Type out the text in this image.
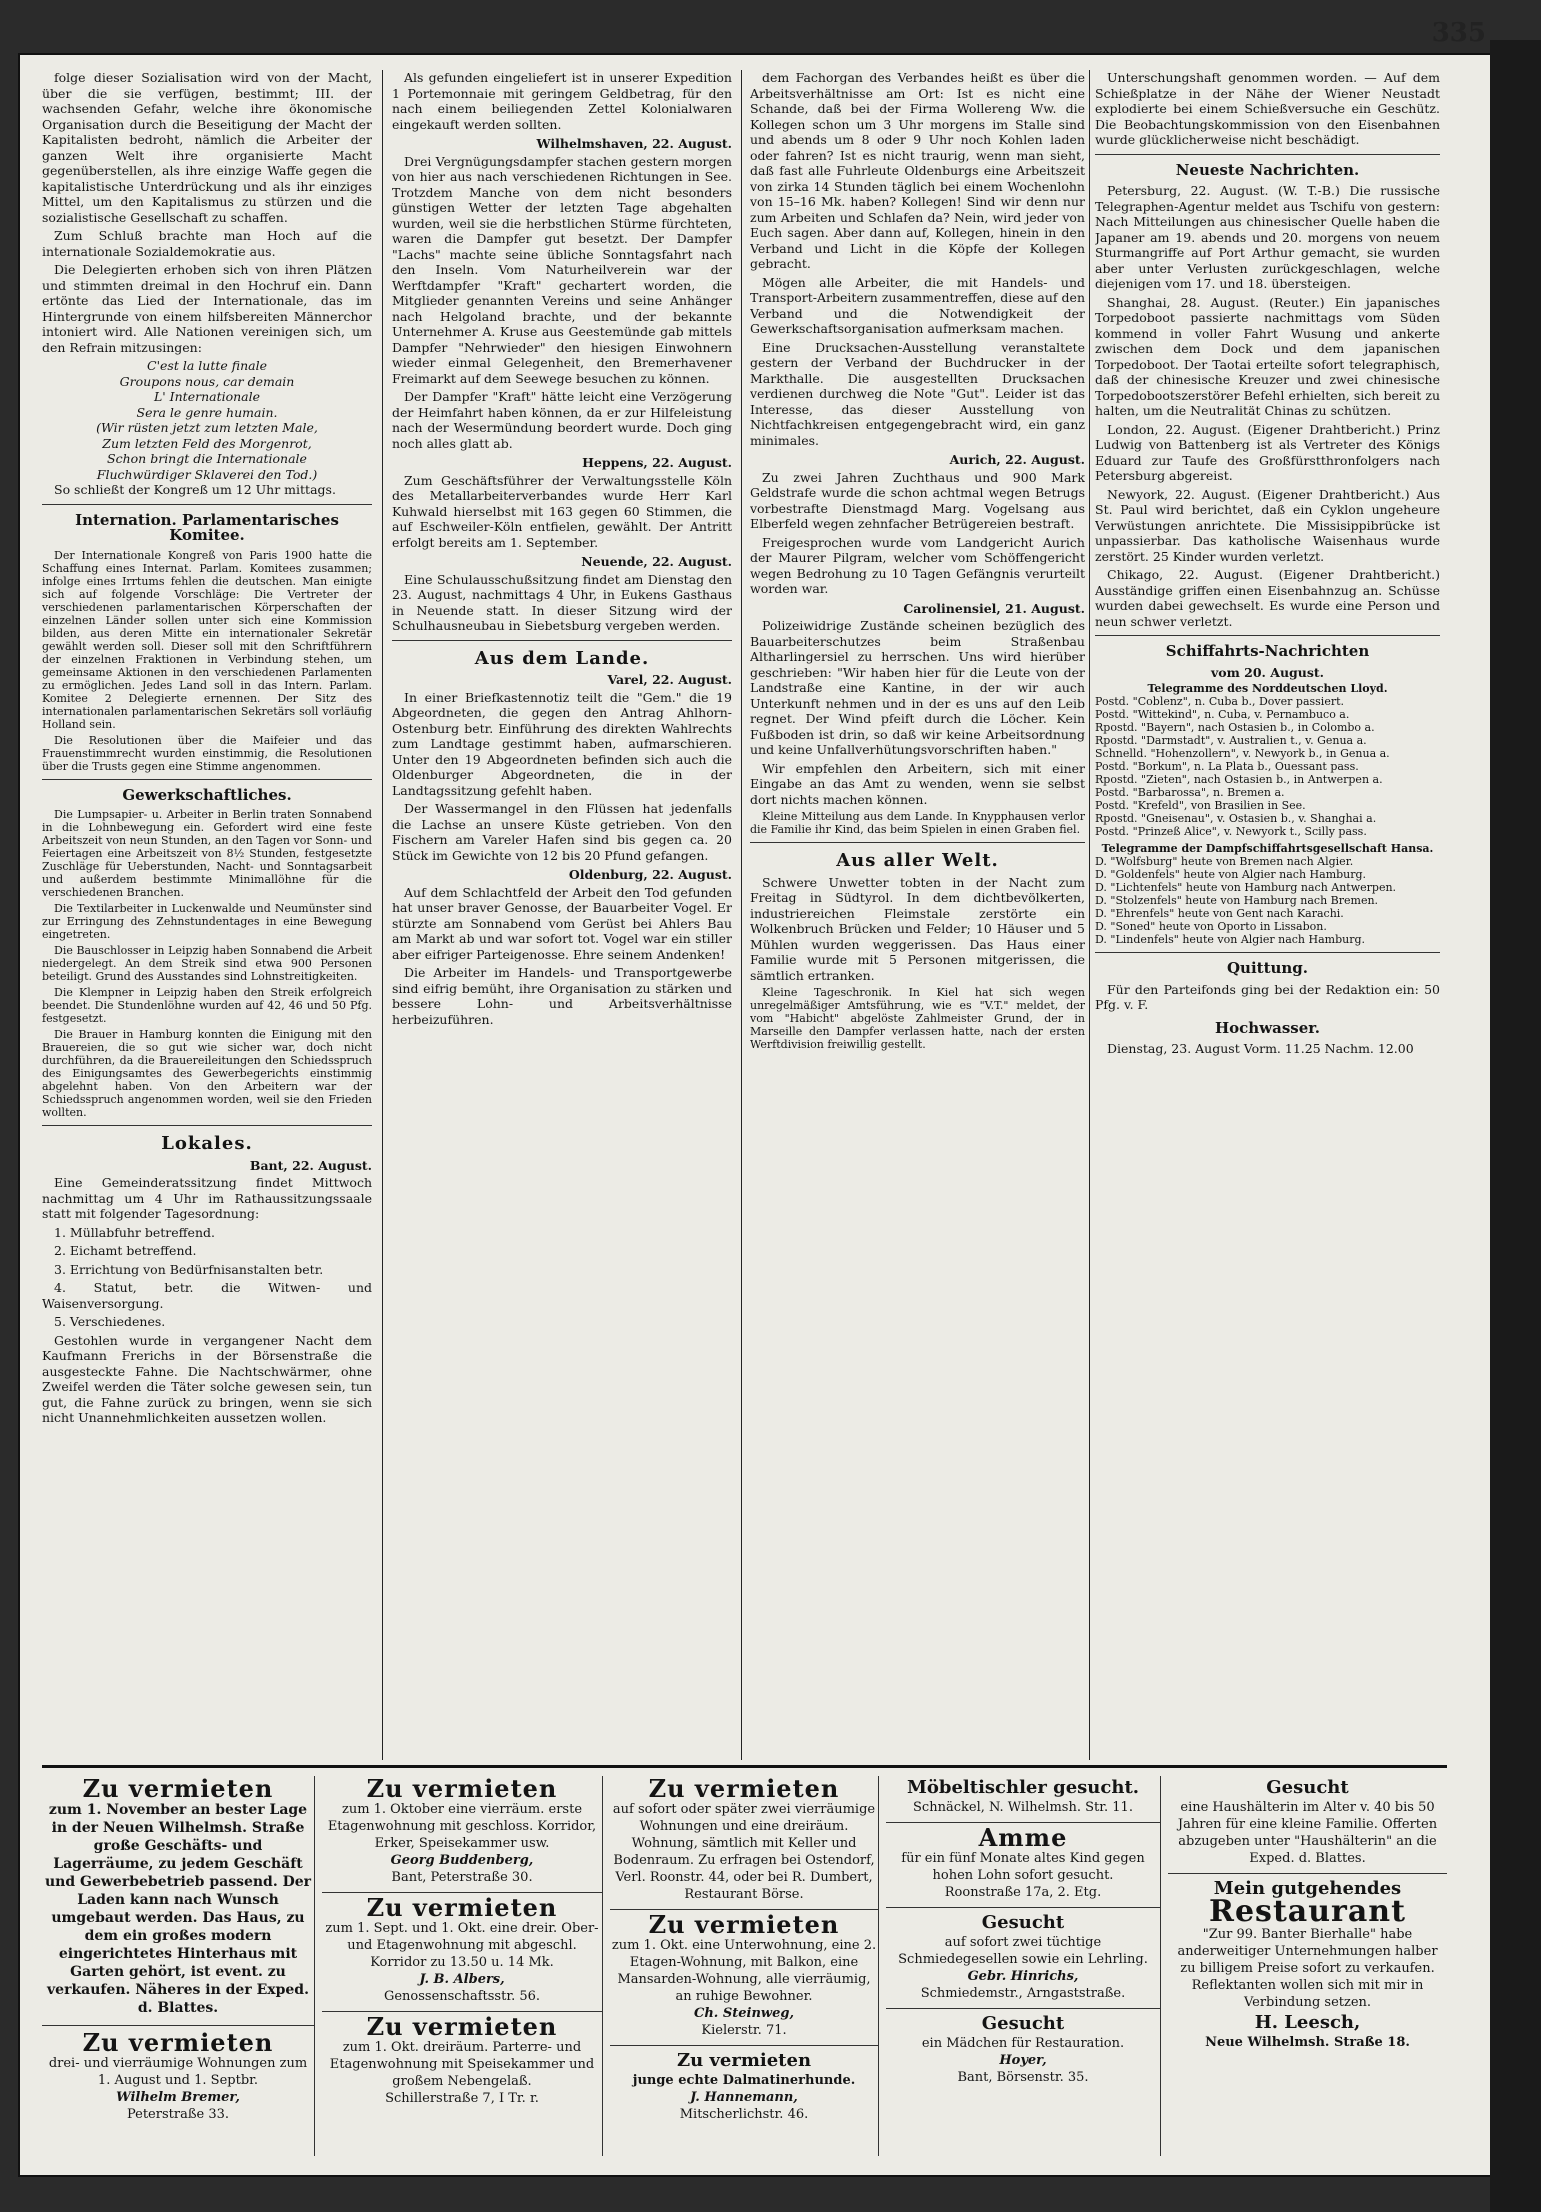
335

folge dieser Sozialisation wird von der Macht, über die sie verfügen, bestimmt; III. der wachsenden Gefahr, welche ihre ökonomische Organisation durch die Beseitigung der Macht der Kapitalisten bedroht, nämlich die Arbeiter der ganzen Welt ihre organisierte Macht gegenüberstellen, als ihre einzige Waffe gegen die kapitalistische Unterdrückung und als ihr einziges Mittel, um den Kapitalismus zu stürzen und die sozialistische Gesellschaft zu schaffen.

Zum Schluß brachte man Hoch auf die internationale Sozialdemokratie aus.

Die Delegierten erhoben sich von ihren Plätzen und stimmten dreimal in den Hochruf ein. Dann ertönte das Lied der Internationale, das im Hintergrunde von einem hilfsbereiten Männerchor intoniert wird. Alle Nationen vereinigen sich, um den Refrain mitzusingen:

C'est la lutte finale

Groupons nous, car demain

L' Internationale

Sera le genre humain.

(Wir rüsten jetzt zum letzten Male,

Zum letzten Feld des Morgenrot,

Schon bringt die Internationale

Fluchwürdiger Sklaverei den Tod.)

So schließt der Kongreß um 12 Uhr mittags.

Internation. Parlamentarisches Komitee.

Der Internationale Kongreß von Paris 1900 hatte die Schaffung eines Internat. Parlam. Komitees zusammen; infolge eines Irrtums fehlen die deutschen. Man einigte sich auf folgende Vorschläge: Die Vertreter der verschiedenen parlamentarischen Körperschaften der einzelnen Länder sollen unter sich eine Kommission bilden, aus deren Mitte ein internationaler Sekretär gewählt werden soll. Dieser soll mit den Schriftführern der einzelnen Fraktionen in Verbindung stehen, um gemeinsame Aktionen in den verschiedenen Parlamenten zu ermöglichen. Jedes Land soll in das Intern. Parlam. Komitee 2 Delegierte ernennen. Der Sitz des internationalen parlamentarischen Sekretärs soll vorläufig Holland sein.

Die Resolutionen über die Maifeier und das Frauenstimmrecht wurden einstimmig, die Resolutionen über die Trusts gegen eine Stimme angenommen.

Gewerkschaftliches.

Die Lumpsapier- u. Arbeiter in Berlin traten Sonnabend in die Lohnbewegung ein. Gefordert wird eine feste Arbeitszeit von neun Stunden, an den Tagen vor Sonn- und Feiertagen eine Arbeitszeit von 8½ Stunden, festgesetzte Zuschläge für Ueberstunden, Nacht- und Sonntagsarbeit und außerdem bestimmte Minimallöhne für die verschiedenen Branchen.

Die Textilarbeiter in Luckenwalde und Neumünster sind zur Erringung des Zehnstundentages in eine Bewegung eingetreten.

Die Bauschlosser in Leipzig haben Sonnabend die Arbeit niedergelegt. An dem Streik sind etwa 900 Personen beteiligt. Grund des Ausstandes sind Lohnstreitigkeiten.

Die Klempner in Leipzig haben den Streik erfolgreich beendet. Die Stundenlöhne wurden auf 42, 46 und 50 Pfg. festgesetzt.

Die Brauer in Hamburg konnten die Einigung mit den Brauereien, die so gut wie sicher war, doch nicht durchführen, da die Brauereileitungen den Schiedsspruch des Einigungsamtes des Gewerbegerichts einstimmig abgelehnt haben. Von den Arbeitern war der Schiedsspruch angenommen worden, weil sie den Frieden wollten.

Lokales.
Bant, 22. August.

Eine Gemeinderatssitzung findet Mittwoch nachmittag um 4 Uhr im Rathaussitzungssaale statt mit folgender Tagesordnung:

1. Müllabfuhr betreffend.

2. Eichamt betreffend.

3. Errichtung von Bedürfnisanstalten betr.

4. Statut, betr. die Witwen- und Waisenversorgung.

5. Verschiedenes.

Gestohlen wurde in vergangener Nacht dem Kaufmann Frerichs in der Börsenstraße die ausgesteckte Fahne. Die Nachtschwärmer, ohne Zweifel werden die Täter solche gewesen sein, tun gut, die Fahne zurück zu bringen, wenn sie sich nicht Unannehmlichkeiten aussetzen wollen.

Als gefunden eingeliefert ist in unserer Expedition 1 Portemonnaie mit geringem Geldbetrag, für den nach einem beiliegenden Zettel Kolonialwaren eingekauft werden sollten.

Wilhelmshaven, 22. August.

Drei Vergnügungsdampfer stachen gestern morgen von hier aus nach verschiedenen Richtungen in See. Trotzdem Manche von dem nicht besonders günstigen Wetter der letzten Tage abgehalten wurden, weil sie die herbstlichen Stürme fürchteten, waren die Dampfer gut besetzt. Der Dampfer "Lachs" machte seine übliche Sonntagsfahrt nach den Inseln. Vom Naturheilverein war der Werftdampfer "Kraft" gechartert worden, die Mitglieder genannten Vereins und seine Anhänger nach Helgoland brachte, und der bekannte Unternehmer A. Kruse aus Geestemünde gab mittels Dampfer "Nehrwieder" den hiesigen Einwohnern wieder einmal Gelegenheit, den Bremerhavener Freimarkt auf dem Seewege besuchen zu können.

Der Dampfer "Kraft" hätte leicht eine Verzögerung der Heimfahrt haben können, da er zur Hilfeleistung nach der Wesermündung beordert wurde. Doch ging noch alles glatt ab.

Heppens, 22. August.

Zum Geschäftsführer der Verwaltungsstelle Köln des Metallarbeiterverbandes wurde Herr Karl Kuhwald hierselbst mit 163 gegen 60 Stimmen, die auf Eschweiler-Köln entfielen, gewählt. Der Antritt erfolgt bereits am 1. September.

Neuende, 22. August.

Eine Schulausschußsitzung findet am Dienstag den 23. August, nachmittags 4 Uhr, in Eukens Gasthaus in Neuende statt. In dieser Sitzung wird der Schulhausneubau in Siebetsburg vergeben werden.

Aus dem Lande.
Varel, 22. August.

In einer Briefkastennotiz teilt die "Gem." die 19 Abgeordneten, die gegen den Antrag Ahlhorn-Ostenburg betr. Einführung des direkten Wahlrechts zum Landtage gestimmt haben, aufmarschieren. Unter den 19 Abgeordneten befinden sich auch die Oldenburger Abgeordneten, die in der Landtagssitzung gefehlt haben.

Der Wassermangel in den Flüssen hat jedenfalls die Lachse an unsere Küste getrieben. Von den Fischern am Vareler Hafen sind bis gegen ca. 20 Stück im Gewichte von 12 bis 20 Pfund gefangen.

Oldenburg, 22. August.

Auf dem Schlachtfeld der Arbeit den Tod gefunden hat unser braver Genosse, der Bauarbeiter Vogel. Er stürzte am Sonnabend vom Gerüst bei Ahlers Bau am Markt ab und war sofort tot. Vogel war ein stiller aber eifriger Parteigenosse. Ehre seinem Andenken!

Die Arbeiter im Handels- und Transportgewerbe sind eifrig bemüht, ihre Organisation zu stärken und bessere Lohn- und Arbeitsverhältnisse herbeizuführen.

dem Fachorgan des Verbandes heißt es über die Arbeitsverhältnisse am Ort: Ist es nicht eine Schande, daß bei der Firma Wollereng Ww. die Kollegen schon um 3 Uhr morgens im Stalle sind und abends um 8 oder 9 Uhr noch Kohlen laden oder fahren? Ist es nicht traurig, wenn man sieht, daß fast alle Fuhrleute Oldenburgs eine Arbeitszeit von zirka 14 Stunden täglich bei einem Wochenlohn von 15–16 Mk. haben? Kollegen! Sind wir denn nur zum Arbeiten und Schlafen da? Nein, wird jeder von Euch sagen. Aber dann auf, Kollegen, hinein in den Verband und Licht in die Köpfe der Kollegen gebracht.

Mögen alle Arbeiter, die mit Handels- und Transport-Arbeitern zusammentreffen, diese auf den Verband und die Notwendigkeit der Gewerkschaftsorganisation aufmerksam machen.

Eine Drucksachen-Ausstellung veranstaltete gestern der Verband der Buchdrucker in der Markthalle. Die ausgestellten Drucksachen verdienen durchweg die Note "Gut". Leider ist das Interesse, das dieser Ausstellung von Nichtfachkreisen entgegengebracht wird, ein ganz minimales.

Aurich, 22. August.

Zu zwei Jahren Zuchthaus und 900 Mark Geldstrafe wurde die schon achtmal wegen Betrugs vorbestrafte Dienstmagd Marg. Vogelsang aus Elberfeld wegen zehnfacher Betrügereien bestraft.

Freigesprochen wurde vom Landgericht Aurich der Maurer Pilgram, welcher vom Schöffengericht wegen Bedrohung zu 10 Tagen Gefängnis verurteilt worden war.

Carolinensiel, 21. August.

Polizeiwidrige Zustände scheinen bezüglich des Bauarbeiterschutzes beim Straßenbau Altharlingersiel zu herrschen. Uns wird hierüber geschrieben: "Wir haben hier für die Leute von der Landstraße eine Kantine, in der wir auch Unterkunft nehmen und in der es uns auf den Leib regnet. Der Wind pfeift durch die Löcher. Kein Fußboden ist drin, so daß wir keine Arbeitsordnung und keine Unfallverhütungsvorschriften haben."

Wir empfehlen den Arbeitern, sich mit einer Eingabe an das Amt zu wenden, wenn sie selbst dort nichts machen können.

Kleine Mitteilung aus dem Lande. In Knypphausen verlor die Familie ihr Kind, das beim Spielen in einen Graben fiel.

Aus aller Welt.

Schwere Unwetter tobten in der Nacht zum Freitag in Südtyrol. In dem dichtbevölkerten, industriereichen Fleimstale zerstörte ein Wolkenbruch Brücken und Felder; 10 Häuser und 5 Mühlen wurden weggerissen. Das Haus einer Familie wurde mit 5 Personen mitgerissen, die sämtlich ertranken.

Kleine Tageschronik. In Kiel hat sich wegen unregelmäßiger Amtsführung, wie es "V.T." meldet, der vom "Habicht" abgelöste Zahlmeister Grund, der in Marseille den Dampfer verlassen hatte, nach der ersten Werftdivision freiwillig gestellt.

Unterschungshaft genommen worden. — Auf dem Schießplatze in der Nähe der Wiener Neustadt explodierte bei einem Schießversuche ein Geschütz. Die Beobachtungskommission von den Eisenbahnen wurde glücklicherweise nicht beschädigt.

Neueste Nachrichten.

Petersburg, 22. August. (W. T.-B.) Die russische Telegraphen-Agentur meldet aus Tschifu von gestern: Nach Mitteilungen aus chinesischer Quelle haben die Japaner am 19. abends und 20. morgens von neuem Sturmangriffe auf Port Arthur gemacht, sie wurden aber unter Verlusten zurückgeschlagen, welche diejenigen vom 17. und 18. übersteigen.

Shanghai, 28. August. (Reuter.) Ein japanisches Torpedoboot passierte nachmittags vom Süden kommend in voller Fahrt Wusung und ankerte zwischen dem Dock und dem japanischen Torpedoboot. Der Taotai erteilte sofort telegraphisch, daß der chinesische Kreuzer und zwei chinesische Torpedobootszerstörer Befehl erhielten, sich bereit zu halten, um die Neutralität Chinas zu schützen.

London, 22. August. (Eigener Drahtbericht.) Prinz Ludwig von Battenberg ist als Vertreter des Königs Eduard zur Taufe des Großfürstthronfolgers nach Petersburg abgereist.

Newyork, 22. August. (Eigener Drahtbericht.) Aus St. Paul wird berichtet, daß ein Cyklon ungeheure Verwüstungen anrichtete. Die Missisippibrücke ist unpassierbar. Das katholische Waisenhaus wurde zerstört. 25 Kinder wurden verletzt.

Chikago, 22. August. (Eigener Drahtbericht.) Ausständige griffen einen Eisenbahnzug an. Schüsse wurden dabei gewechselt. Es wurde eine Person und neun schwer verletzt.

Schiffahrts-Nachrichten
vom 20. August.
Telegramme des Norddeutschen Lloyd.
Postd. "Coblenz", n. Cuba b., Dover passiert.
Postd. "Wittekind", n. Cuba, v. Pernambuco a.
Rpostd. "Bayern", nach Ostasien b., in Colombo a.
Rpostd. "Darmstadt", v. Australien t., v. Genua a.
Schnelld. "Hohenzollern", v. Newyork b., in Genua a.
Postd. "Borkum", n. La Plata b., Ouessant pass.
Rpostd. "Zieten", nach Ostasien b., in Antwerpen a.
Postd. "Barbarossa", n. Bremen a.
Postd. "Krefeld", von Brasilien in See.
Rpostd. "Gneisenau", v. Ostasien b., v. Shanghai a.
Postd. "Prinzeß Alice", v. Newyork t., Scilly pass.
Telegramme der Dampfschiffahrtsgesellschaft Hansa.
D. "Wolfsburg" heute von Bremen nach Algier.
D. "Goldenfels" heute von Algier nach Hamburg.
D. "Lichtenfels" heute von Hamburg nach Antwerpen.
D. "Stolzenfels" heute von Hamburg nach Bremen.
D. "Ehrenfels" heute von Gent nach Karachi.
D. "Soned" heute von Oporto in Lissabon.
D. "Lindenfels" heute von Algier nach Hamburg.
Quittung.

Für den Parteifonds ging bei der Redaktion ein: 50 Pfg. v. F.

Hochwasser.

Dienstag, 23. August Vorm. 11.25 Nachm. 12.00

Zu vermieten
zum 1. November an bester Lage in der Neuen Wilhelmsh. Straße große Geschäfts- und Lagerräume, zu jedem Geschäft und Gewerbebetrieb passend. Der Laden kann nach Wunsch umgebaut werden. Das Haus, zu dem ein großes modern eingerichtetes Hinterhaus mit Garten gehört, ist event. zu verkaufen. Näheres in der Exped. d. Blattes.
Zu vermieten
drei- und vierräumige Wohnungen zum 1. August und 1. Septbr.
Wilhelm Bremer,
Peterstraße 33.
Zu vermieten
zum 1. Oktober eine vierräum. erste Etagenwohnung mit geschloss. Korridor, Erker, Speisekammer usw.
Georg Buddenberg,
Bant, Peterstraße 30.
Zu vermieten
zum 1. Sept. und 1. Okt. eine dreir. Ober- und Etagenwohnung mit abgeschl. Korridor zu 13.50 u. 14 Mk.
J. B. Albers,
Genossenschaftsstr. 56.
Zu vermieten
zum 1. Okt. dreiräum. Parterre- und Etagenwohnung mit Speisekammer und großem Nebengelaß.
Schillerstraße 7, I Tr. r.
Zu vermieten
auf sofort oder später zwei vierräumige Wohnungen und eine dreiräum. Wohnung, sämtlich mit Keller und Bodenraum. Zu erfragen bei Ostendorf, Verl. Roonstr. 44, oder bei R. Dumbert, Restaurant Börse.
Zu vermieten
zum 1. Okt. eine Unterwohnung, eine 2. Etagen-Wohnung, mit Balkon, eine Mansarden-Wohnung, alle vierräumig, an ruhige Bewohner.
Ch. Steinweg,
Kielerstr. 71.
Zu vermieten
junge echte Dalmatinerhunde.
J. Hannemann,
Mitscherlichstr. 46.
Möbeltischler gesucht.
Schnäckel, N. Wilhelmsh. Str. 11.
Amme
für ein fünf Monate altes Kind gegen hohen Lohn sofort gesucht.
Roonstraße 17a, 2. Etg.
Gesucht
auf sofort zwei tüchtige Schmiedegesellen sowie ein Lehrling.
Gebr. Hinrichs,
Schmiedemstr., Arngaststraße.
Gesucht
ein Mädchen für Restauration.
Hoyer,
Bant, Börsenstr. 35.
Gesucht
eine Haushälterin im Alter v. 40 bis 50 Jahren für eine kleine Familie. Offerten abzugeben unter "Haushälterin" an die Exped. d. Blattes.
Mein gutgehendes
Restaurant
"Zur 99. Banter Bierhalle" habe anderweitiger Unternehmungen halber zu billigem Preise sofort zu verkaufen. Reflektanten wollen sich mit mir in Verbindung setzen.
H. Leesch,
Neue Wilhelmsh. Straße 18.
